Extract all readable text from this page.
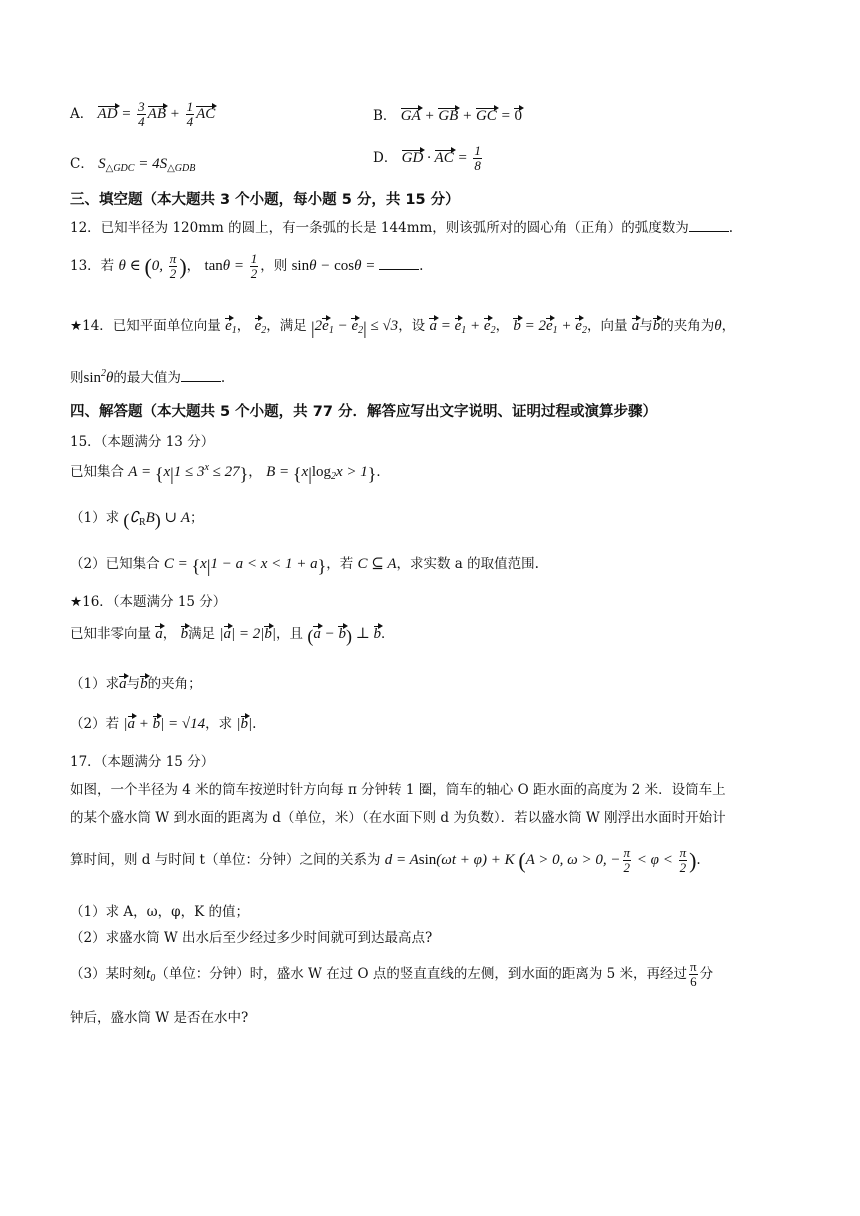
A． AD = $\frac{3}{4}$ AB + $\frac{1}{4}$ AC	B． GA + GB + GC = 0
C． $S_{\triangle GDC} = 4S_{\triangle GDB}$
D． GD · AC = $\frac{1}{8}$
三、填空题（本大题共 3 个小题，每小题 5 分，共 15 分）
12．已知半径为 120mm 的圆上，有一条弧的长是 144mm，则该弧所对的圆心角（正角）的弧度数为	.
13．若 θ ∈ (0, $\frac{\pi}{2}$ )， $\tan\theta = \frac{1}{2}$ ，则 sinθ − cosθ =	.
★14．已知平面单位向量 $e_1$， $e_2$，满足 $|2e_1 - e_2| \le √3$，设 $a = e_1 + e_2$， $b = 2e_1 + e_2$，向量 a与b的夹角为θ，
则$\sin^2\theta$的最大值为	.
四、解答题（本大题共 5 个小题，共 77 分．解答应写出文字说明、证明过程或演算步骤）
15．（本题满分 13 分）
已知集合 $A = \{x|1 \le 3^x \le 27\}$， $B = \{x|\log_2x > 1\}$．
（1）求 $(∁_RB)$ ∪ A；
（2）已知集合 C = {x|1 − a < x < 1 + a}，若 C ⊆ A，求实数 a 的取值范围.
★16．（本题满分 15 分）
已知非零向量 a， b满足 |a| = 2|b|，且 (a − b) ⊥ b．
（1）求a与b的夹角；
（2）若 |a + b| = √14，求 |b|.
17．（本题满分 15 分）
如图，一个半径为 4 米的筒车按逆时针方向每 π 分钟转 1 圈，筒车的轴心 O 距水面的高度为 2 米．设筒车上
的某个盛水筒 W 到水面的距离为 d（单位，米）（在水面下则 d 为负数）．若以盛水筒 W 刚浮出水面时开始计
算时间，则 d 与时间 t（单位：分钟）之间的关系为 d = Asin(ωt + φ) + K (A > 0, ω > 0, − $\frac{\pi}{2} < \varphi < \frac{\pi}{2}$ ).
（1）求 A，ω，φ，K 的值；
（2）求盛水筒 W 出水后至少经过多少时间就可到达最高点?
（3）某时刻$t_0$（单位：分钟）时，盛水 W 在过 O 点的竖直直线的左侧，到水面的距离为 5 米，再经过 $\frac{\pi}{6}$ 分
钟后，盛水筒 W 是否在水中?
